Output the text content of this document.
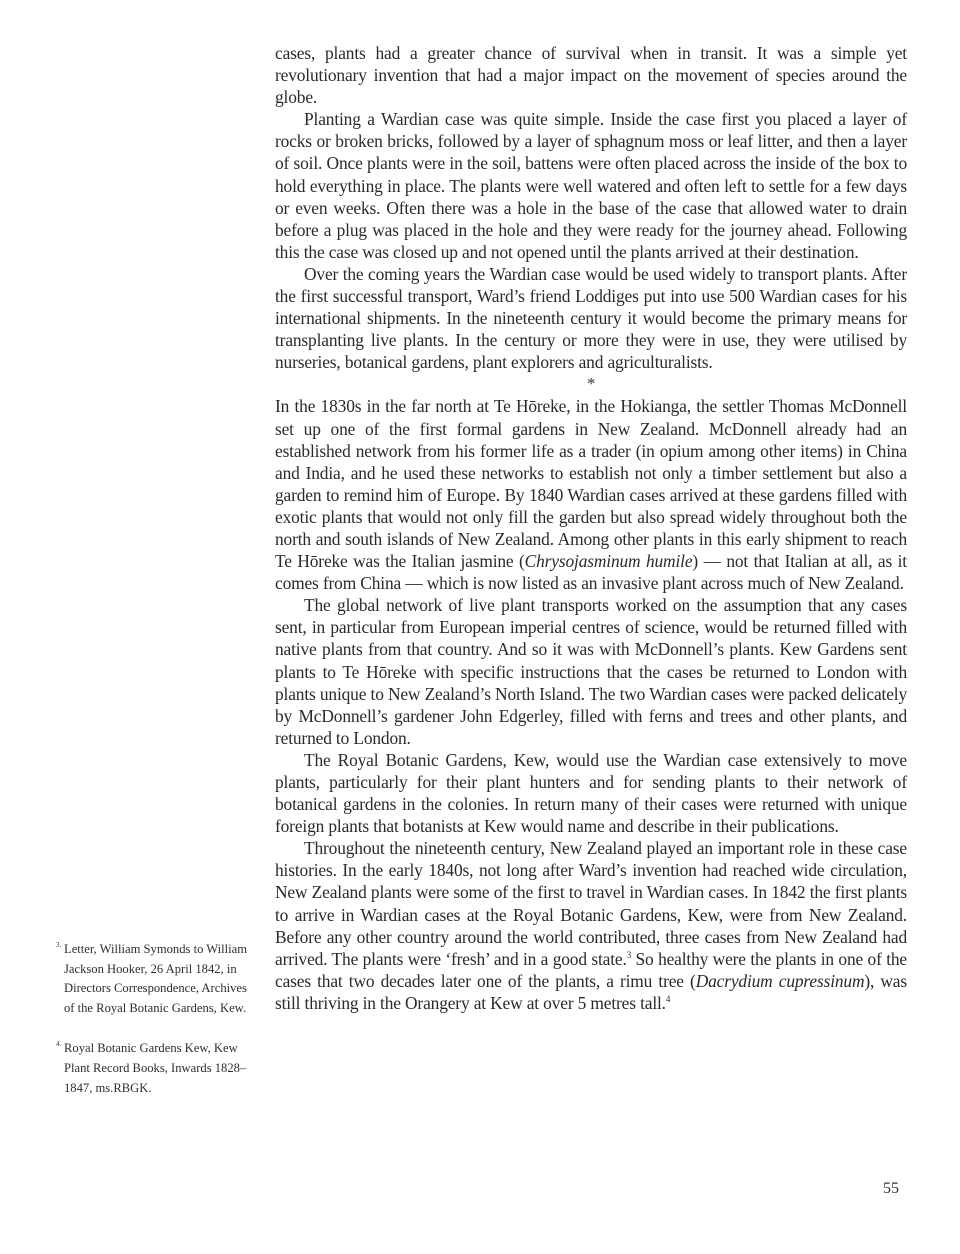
cases, plants had a greater chance of survival when in transit. It was a simple yet revolutionary invention that had a major impact on the movement of species around the globe.

Planting a Wardian case was quite simple. Inside the case first you placed a layer of rocks or broken bricks, followed by a layer of sphagnum moss or leaf litter, and then a layer of soil. Once plants were in the soil, battens were often placed across the inside of the box to hold everything in place. The plants were well watered and often left to settle for a few days or even weeks. Often there was a hole in the base of the case that allowed water to drain before a plug was placed in the hole and they were ready for the journey ahead. Following this the case was closed up and not opened until the plants arrived at their destination.

Over the coming years the Wardian case would be used widely to transport plants. After the first successful transport, Ward’s friend Loddiges put into use 500 Wardian cases for his international shipments. In the nineteenth century it would become the primary means for transplanting live plants. In the century or more they were in use, they were utilised by nurseries, botanical gardens, plant explorers and agriculturalists.

*

In the 1830s in the far north at Te Hōreke, in the Hokianga, the settler Thomas McDonnell set up one of the first formal gardens in New Zealand. McDonnell already had an established network from his former life as a trader (in opium among other items) in China and India, and he used these networks to establish not only a timber settlement but also a garden to remind him of Europe. By 1840 Wardian cases arrived at these gardens filled with exotic plants that would not only fill the garden but also spread widely throughout both the north and south islands of New Zealand. Among other plants in this early shipment to reach Te Hōreke was the Italian jasmine (Chrysojasminum humile) — not that Italian at all, as it comes from China — which is now listed as an invasive plant across much of New Zealand.

The global network of live plant transports worked on the assumption that any cases sent, in particular from European imperial centres of science, would be returned filled with native plants from that country. And so it was with McDonnell’s plants. Kew Gardens sent plants to Te Hōreke with specific instructions that the cases be returned to London with plants unique to New Zealand’s North Island. The two Wardian cases were packed delicately by McDonnell’s gardener John Edgerley, filled with ferns and trees and other plants, and returned to London.

The Royal Botanic Gardens, Kew, would use the Wardian case extensively to move plants, particularly for their plant hunters and for sending plants to their network of botanical gardens in the colonies. In return many of their cases were returned with unique foreign plants that botanists at Kew would name and describe in their publications.

Throughout the nineteenth century, New Zealand played an important role in these case histories. In the early 1840s, not long after Ward’s invention had reached wide circulation, New Zealand plants were some of the first to travel in Wardian cases. In 1842 the first plants to arrive in Wardian cases at the Royal Botanic Gardens, Kew, were from New Zealand. Before any other country around the world contributed, three cases from New Zealand had arrived. The plants were ‘fresh’ and in a good state.$^3$ So healthy were the plants in one of the cases that two decades later one of the plants, a rimu tree (Dacrydium cupressinum), was still thriving in the Orangery at Kew at over 5 metres tall.$^4$

3. Letter, William Symonds to William Jackson Hooker, 26 April 1842, in Directors Correspondence, Archives of the Royal Botanic Gardens, Kew.
4. Royal Botanic Gardens Kew, Kew Plant Record Books, Inwards 1828–1847, ms.RBGK.
55
